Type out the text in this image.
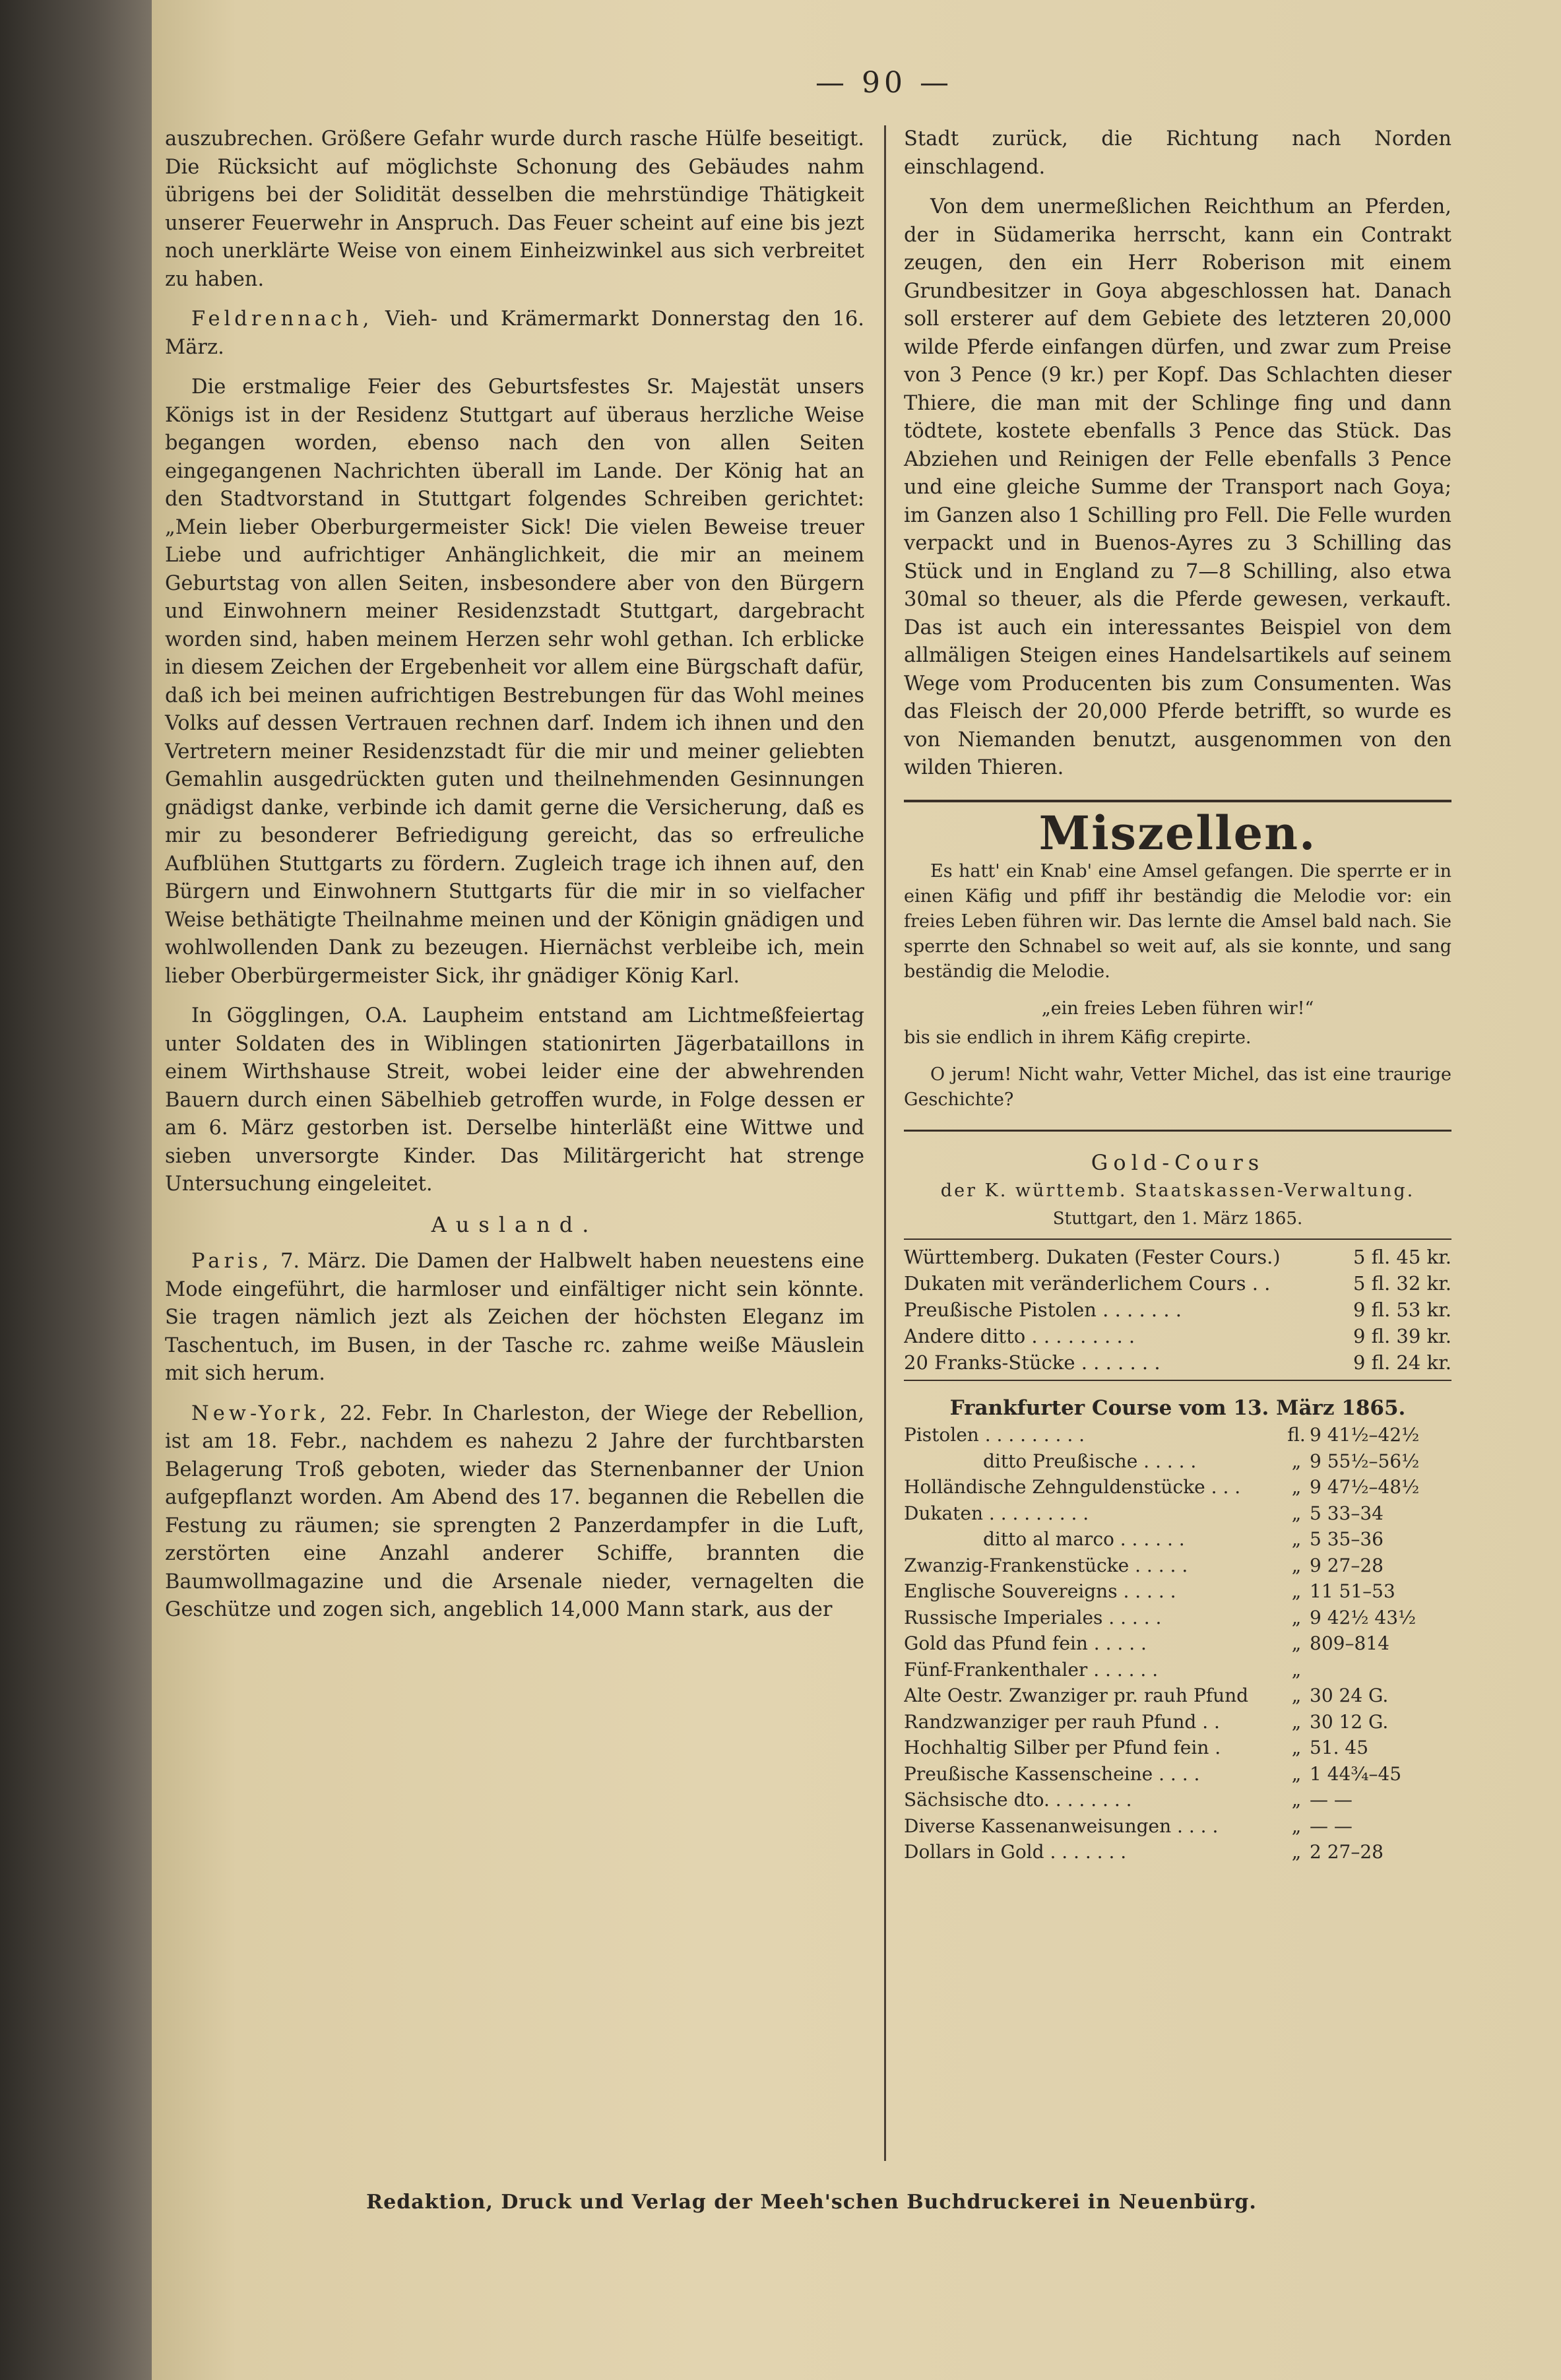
— 90 —

auszubrechen. Größere Gefahr wurde durch rasche Hülfe beseitigt. Die Rücksicht auf möglichste Schonung des Gebäudes nahm übrigens bei der Solidität desselben die mehrstündige Thätigkeit unserer Feuerwehr in Anspruch. Das Feuer scheint auf eine bis jezt noch unerklärte Weise von einem Einheizwinkel aus sich verbreitet zu haben.

Feldrennach, Vieh- und Krämermarkt Donnerstag den 16. März.

Die erstmalige Feier des Geburtsfestes Sr. Majestät unsers Königs ist in der Residenz Stuttgart auf überaus herzliche Weise begangen worden, ebenso nach den von allen Seiten eingegangenen Nachrichten überall im Lande. Der König hat an den Stadtvorstand in Stuttgart folgendes Schreiben gerichtet: „Mein lieber Oberburgermeister Sick! Die vielen Beweise treuer Liebe und aufrichtiger Anhänglichkeit, die mir an meinem Geburtstag von allen Seiten, insbesondere aber von den Bürgern und Einwohnern meiner Residenzstadt Stuttgart, dargebracht worden sind, haben meinem Herzen sehr wohl gethan. Ich erblicke in diesem Zeichen der Ergebenheit vor allem eine Bürgschaft dafür, daß ich bei meinen aufrichtigen Bestrebungen für das Wohl meines Volks auf dessen Vertrauen rechnen darf. Indem ich ihnen und den Vertretern meiner Residenzstadt für die mir und meiner geliebten Gemahlin ausgedrückten guten und theilnehmenden Gesinnungen gnädigst danke, verbinde ich damit gerne die Versicherung, daß es mir zu besonderer Befriedigung gereicht, das so erfreuliche Aufblühen Stuttgarts zu fördern. Zugleich trage ich ihnen auf, den Bürgern und Einwohnern Stuttgarts für die mir in so vielfacher Weise bethätigte Theilnahme meinen und der Königin gnädigen und wohlwollenden Dank zu bezeugen. Hiernächst verbleibe ich, mein lieber Oberbürgermeister Sick, ihr gnädiger König Karl.

In Gögglingen, O.A. Laupheim entstand am Lichtmeßfeiertag unter Soldaten des in Wiblingen stationirten Jägerbataillons in einem Wirthshause Streit, wobei leider eine der abwehrenden Bauern durch einen Säbelhieb getroffen wurde, in Folge dessen er am 6. März gestorben ist. Derselbe hinterläßt eine Wittwe und sieben unversorgte Kinder. Das Militärgericht hat strenge Untersuchung eingeleitet.

Ausland.

Paris, 7. März. Die Damen der Halbwelt haben neuestens eine Mode eingeführt, die harmloser und einfältiger nicht sein könnte. Sie tragen nämlich jezt als Zeichen der höchsten Eleganz im Taschentuch, im Busen, in der Tasche rc. zahme weiße Mäuslein mit sich herum.

New-York, 22. Febr. In Charleston, der Wiege der Rebellion, ist am 18. Febr., nachdem es nahezu 2 Jahre der furchtbarsten Belagerung Troß geboten, wieder das Sternenbanner der Union aufgepflanzt worden. Am Abend des 17. begannen die Rebellen die Festung zu räumen; sie sprengten 2 Panzerdampfer in die Luft, zerstörten eine Anzahl anderer Schiffe, brannten die Baumwollmagazine und die Arsenale nieder, vernagelten die Geschütze und zogen sich, angeblich 14,000 Mann stark, aus der

Stadt zurück, die Richtung nach Norden einschlagend.

Von dem unermeßlichen Reichthum an Pferden, der in Südamerika herrscht, kann ein Contrakt zeugen, den ein Herr Roberison mit einem Grundbesitzer in Goya abgeschlossen hat. Danach soll ersterer auf dem Gebiete des letzteren 20,000 wilde Pferde einfangen dürfen, und zwar zum Preise von 3 Pence (9 kr.) per Kopf. Das Schlachten dieser Thiere, die man mit der Schlinge fing und dann tödtete, kostete ebenfalls 3 Pence das Stück. Das Abziehen und Reinigen der Felle ebenfalls 3 Pence und eine gleiche Summe der Transport nach Goya; im Ganzen also 1 Schilling pro Fell. Die Felle wurden verpackt und in Buenos-Ayres zu 3 Schilling das Stück und in England zu 7—8 Schilling, also etwa 30mal so theuer, als die Pferde gewesen, verkauft. Das ist auch ein interessantes Beispiel von dem allmäligen Steigen eines Handelsartikels auf seinem Wege vom Producenten bis zum Consumenten. Was das Fleisch der 20,000 Pferde betrifft, so wurde es von Niemanden benutzt, ausgenommen von den wilden Thieren.

Miszellen.

Es hatt' ein Knab' eine Amsel gefangen. Die sperrte er in einen Käfig und pfiff ihr beständig die Melodie vor: ein freies Leben führen wir. Das lernte die Amsel bald nach. Sie sperrte den Schnabel so weit auf, als sie konnte, und sang beständig die Melodie.

„ein freies Leben führen wir!“

bis sie endlich in ihrem Käfig crepirte.

O jerum! Nicht wahr, Vetter Michel, das ist eine traurige Geschichte?

Gold-Cours
der K. württemb. Staatskassen-Verwaltung.
Stuttgart, den 1. März 1865.
Württemberg. Dukaten (Fester Cours.)	5 fl. 45 kr.
Dukaten mit veränderlichem Cours . .	5 fl. 32 kr.
Preußische Pistolen . . . . . . .	9 fl. 53 kr.
Andere ditto . . . . . . . . .	9 fl. 39 kr.
20 Franks-Stücke . . . . . . .	9 fl. 24 kr.
Frankfurter Course vom 13. März 1865.
Pistolen . . . . . . . . .	fl. 9 41½–42½
ditto Preußische . . . . .	„ 9 55½–56½
Holländische Zehnguldenstücke . . .	„ 9 47½–48½
Dukaten . . . . . . . . .	„ 5 33–34
ditto al marco . . . . . .	„ 5 35–36
Zwanzig-Frankenstücke . . . . .	„ 9 27–28
Englische Souvereigns . . . . .	„ 11 51–53
Russische Imperiales . . . . .	„ 9 42½ 43½
Gold das Pfund fein . . . . .	„ 809–814
Fünf-Frankenthaler . . . . . .	„
Alte Oestr. Zwanziger pr. rauh Pfund	„ 30 24 G.
Randzwanziger per rauh Pfund . .	„ 30 12 G.
Hochhaltig Silber per Pfund fein .	„ 51. 45
Preußische Kassenscheine . . . .	„ 1 44¾–45
Sächsische dto. . . . . . . .	„ — —
Diverse Kassenanweisungen . . . .	„ — —
Dollars in Gold . . . . . . .	„ 2 27–28
Redaktion, Druck und Verlag der Meeh'schen Buchdruckerei in Neuenbürg.
